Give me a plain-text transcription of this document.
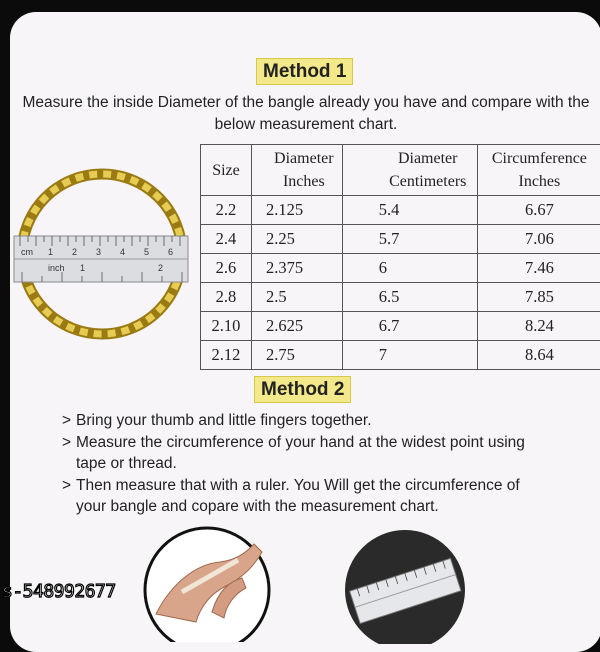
Method 1
Measure the inside Diameter of the bangle already you have and compare with the below measurement chart.
cm 1 2 3 4 5 6
inch 1	2
Size	Diameter Inches	Diameter Centimeters	Circumference Inches
2.2	2.125	5.4	6.67
2.4	2.25	5.7	7.06
2.6	2.375	6	7.46
2.8	2.5	6.5	7.85
2.10	2.625	6.7	8.24
2.12	2.75	7	8.64
Method 2
> Bring your thumb and little fingers together.
> Measure the circumference of your hand at the widest point using tape or thread.
> Then measure that with a ruler. You Will get the circumference of your bangle and copare with the measurement chart.
s-548992677
